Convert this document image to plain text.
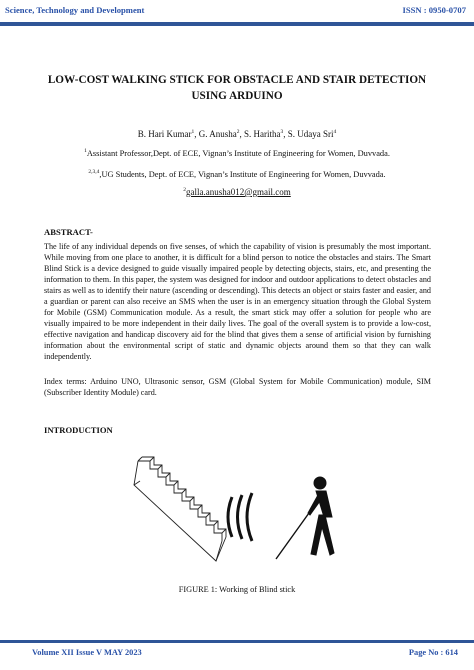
Science, Technology and Development	ISSN : 0950-0707
LOW-COST WALKING STICK FOR OBSTACLE AND STAIR DETECTION USING ARDUINO
B. Hari Kumar$^1$, G. Anusha$^2$, S. Haritha$^3$, S. Udaya Sri$^4$
$^1$Assistant Professor,Dept. of ECE, Vignan’s Institute of Engineering for Women, Duvvada.
$^{2,3,4}$,UG Students, Dept. of ECE, Vignan’s Institute of Engineering for Women, Duvvada.
$^2$galla.anusha012@gmail.com
ABSTRACT-
The life of any individual depends on five senses, of which the capability of vision is presumably the most important. While moving from one place to another, it is difficult for a blind person to notice the obstacles and stairs. The Smart Blind Stick is a device designed to guide visually impaired people by detecting objects, stairs, etc, and presenting the information to them. In this paper, the system was designed for indoor and outdoor applications to detect obstacles and stairs as well as to identify their nature (ascending or descending). This detects an object or stairs faster and easier, and a guardian or parent can also receive an SMS when the user is in an emergency situation through the Global System for Mobile (GSM) Communication module. As a result, the smart stick may offer a solution for people who are visually impaired to be more independent in their daily lives. The goal of the overall system is to provide a low-cost, effective navigation and handicap discovery aid for the blind that gives them a sense of artificial vision by furnishing information about the environmental script of static and dynamic objects around them so that they can walk independently.
Index terms: Arduino UNO, Ultrasonic sensor, GSM (Global System for Mobile Communication) module, SIM (Subscriber Identity Module) card.
INTRODUCTION
FIGURE 1: Working of Blind stick
Volume XII Issue V MAY 2023	Page No : 614
